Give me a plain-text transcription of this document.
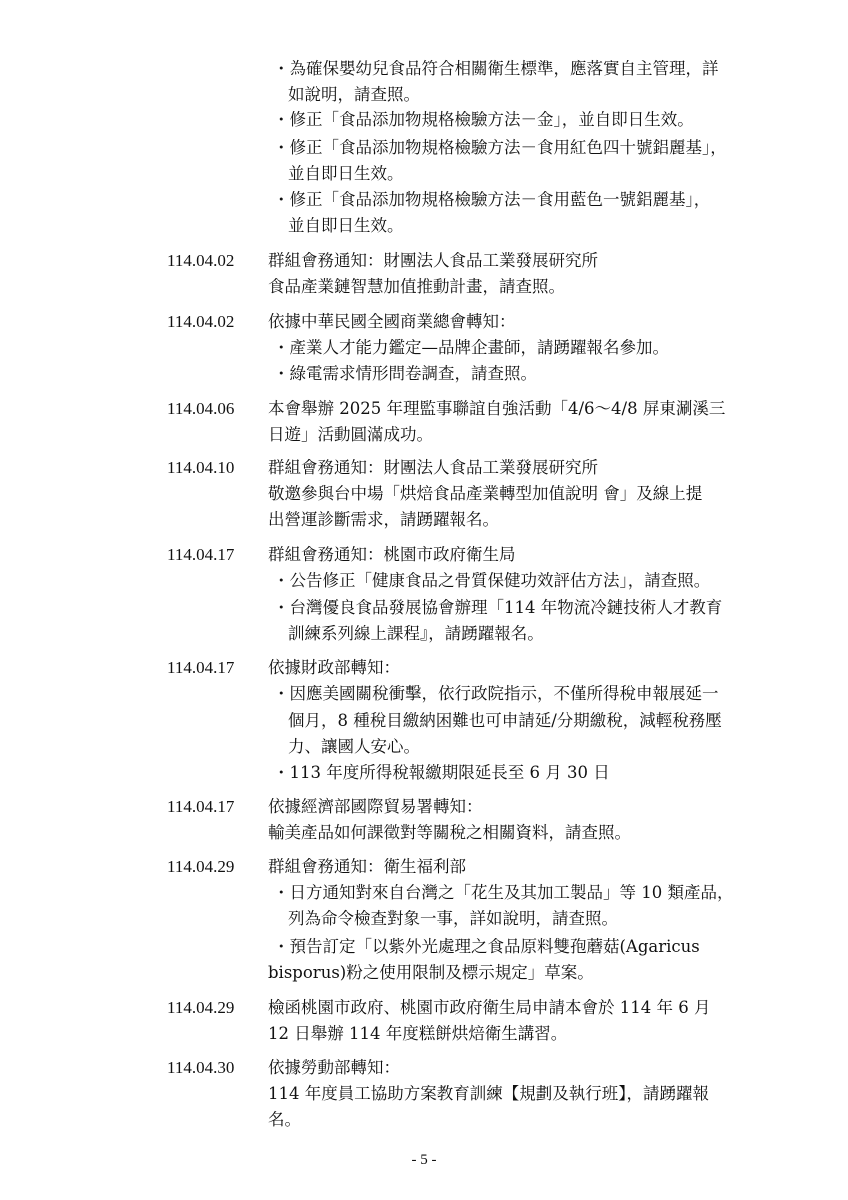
・為確保嬰幼兒食品符合相關衛生標準，應落實自主管理，詳
如說明，請查照。
・修正「食品添加物規格檢驗方法－金」，並自即日生效。
・修正「食品添加物規格檢驗方法－食用紅色四十號鋁麗基」，
並自即日生效。
・修正「食品添加物規格檢驗方法－食用藍色一號鋁麗基」，
並自即日生效。
114.04.02 群組會務通知：財團法人食品工業發展研究所
食品產業鏈智慧加值推動計畫，請查照。
114.04.02 依據中華民國全國商業總會轉知：
・產業人才能力鑑定—品牌企畫師，請踴躍報名參加。
・綠電需求情形問卷調查，請查照。
114.04.06 本會舉辦 2025 年理監事聯誼自強活動「4/6～4/8 屏東涮溪三
日遊」活動圓滿成功。
114.04.10 群組會務通知：財團法人食品工業發展研究所
敬邀參與台中場「烘焙食品產業轉型加值說明 會」及線上提
出營運診斷需求，請踴躍報名。
114.04.17 群組會務通知：桃園市政府衛生局
・公告修正「健康食品之骨質保健功效評估方法」，請查照。
・台灣優良食品發展協會辦理「114 年物流冷鏈技術人才教育
訓練系列線上課程』，請踴躍報名。
114.04.17 依據財政部轉知：
・因應美國關稅衝擊，依行政院指示，不僅所得稅申報展延一
個月，8 種稅目繳納困難也可申請延/分期繳稅，減輕稅務壓
力、讓國人安心。
・113 年度所得稅報繳期限延長至 6 月 30 日
114.04.17 依據經濟部國際貿易署轉知：
輸美產品如何課徵對等關稅之相關資料，請查照。
114.04.29 群組會務通知：衛生福利部
・日方通知對來自台灣之「花生及其加工製品」等 10 類產品，
列為命令檢查對象一事，詳如說明，請查照。
・預告訂定「以紫外光處理之食品原料雙孢蘑菇(Agaricus
bisporus)粉之使用限制及標示規定」草案。
114.04.29 檢函桃園市政府、桃園市政府衛生局申請本會於 114 年 6 月
12 日舉辦 114 年度糕餅烘焙衛生講習。
114.04.30 依據勞動部轉知：
114 年度員工協助方案教育訓練【規劃及執行班】，請踴躍報
名。
- 5 -
